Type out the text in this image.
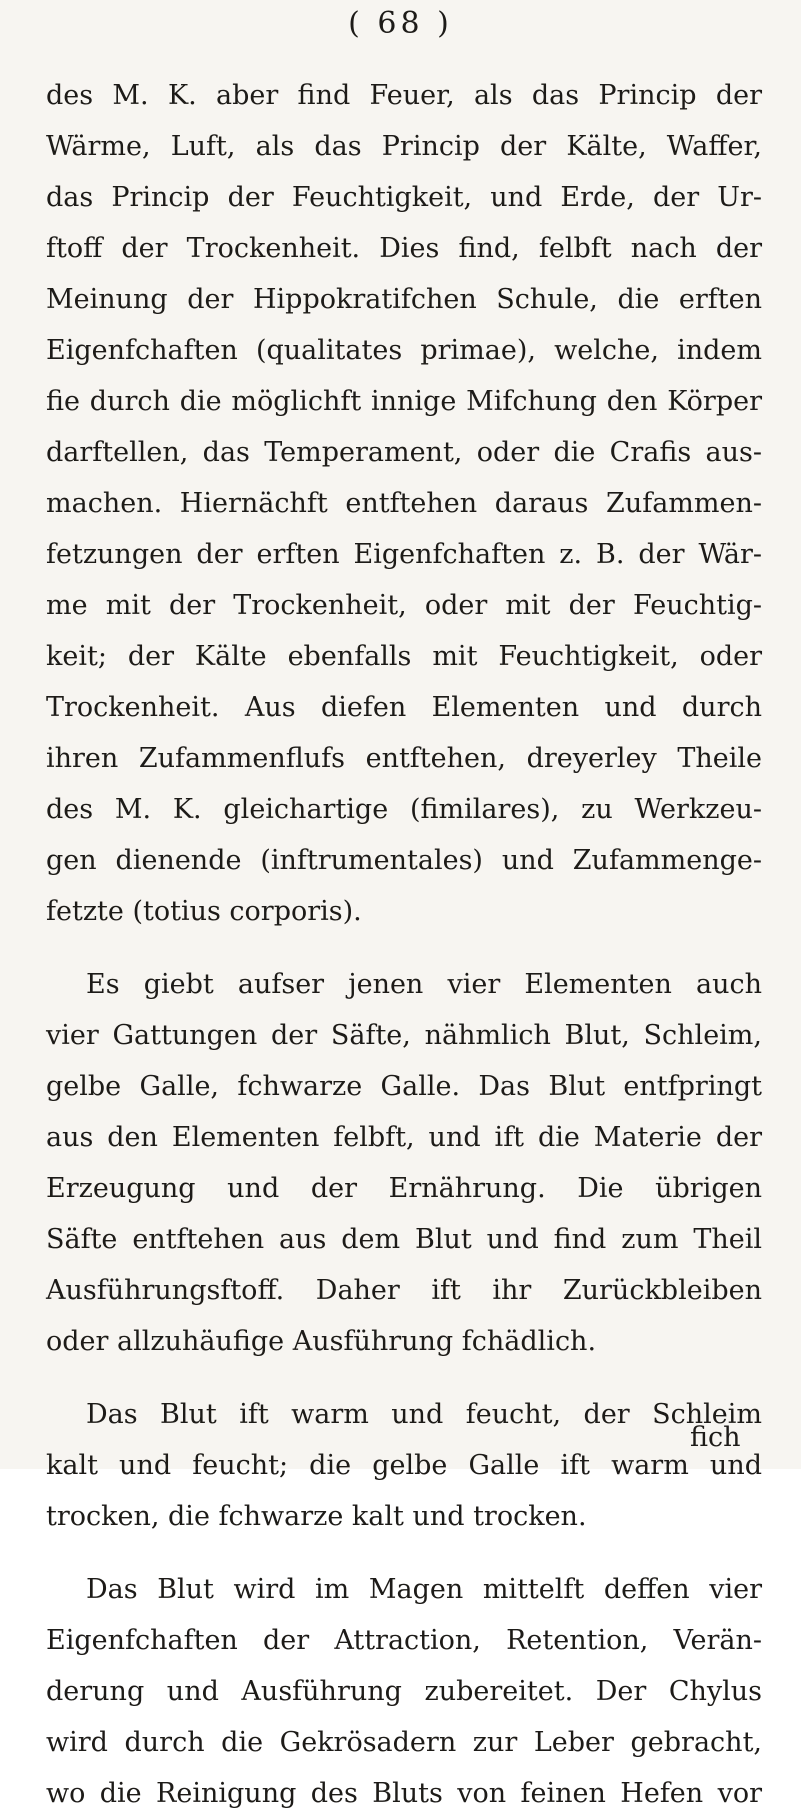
( 68 )
des M. K. aber find Feuer, als das Princip der
Wärme, Luft, als das Princip der Kälte, Waffer,
das Princip der Feuchtigkeit, und Erde, der Ur-
ftoff der Trockenheit. Dies find, felbft nach der
Meinung der Hippokratifchen Schule, die erften
Eigenfchaften (qualitates primae), welche, indem
fie durch die möglichft innige Mifchung den Körper
darftellen, das Temperament, oder die Crafis aus-
machen. Hiernächft entftehen daraus Zufammen-
fetzungen der erften Eigenfchaften z. B. der Wär-
me mit der Trockenheit, oder mit der Feuchtig-
keit; der Kälte ebenfalls mit Feuchtigkeit, oder
Trockenheit. Aus diefen Elementen und durch
ihren Zufammenflufs entftehen, dreyerley Theile
des M. K. gleichartige (fimilares), zu Werkzeu-
gen dienende (inftrumentales) und Zufammenge-
fetzte (totius corporis).
Es giebt aufser jenen vier Elementen auch
vier Gattungen der Säfte, nähmlich Blut, Schleim,
gelbe Galle, fchwarze Galle. Das Blut entfpringt
aus den Elementen felbft, und ift die Materie der
Erzeugung und der Ernährung. Die übrigen
Säfte entftehen aus dem Blut und find zum Theil
Ausführungsftoff. Daher ift ihr Zurückbleiben
oder allzuhäufige Ausführung fchädlich.
Das Blut ift warm und feucht, der Schleim
kalt und feucht; die gelbe Galle ift warm und
trocken, die fchwarze kalt und trocken.
Das Blut wird im Magen mittelft deffen vier
Eigenfchaften der Attraction, Retention, Verän-
derung und Ausführung zubereitet. Der Chylus
wird durch die Gekrösadern zur Leber gebracht,
wo die Reinigung des Bluts von feinen Hefen vor
fich
